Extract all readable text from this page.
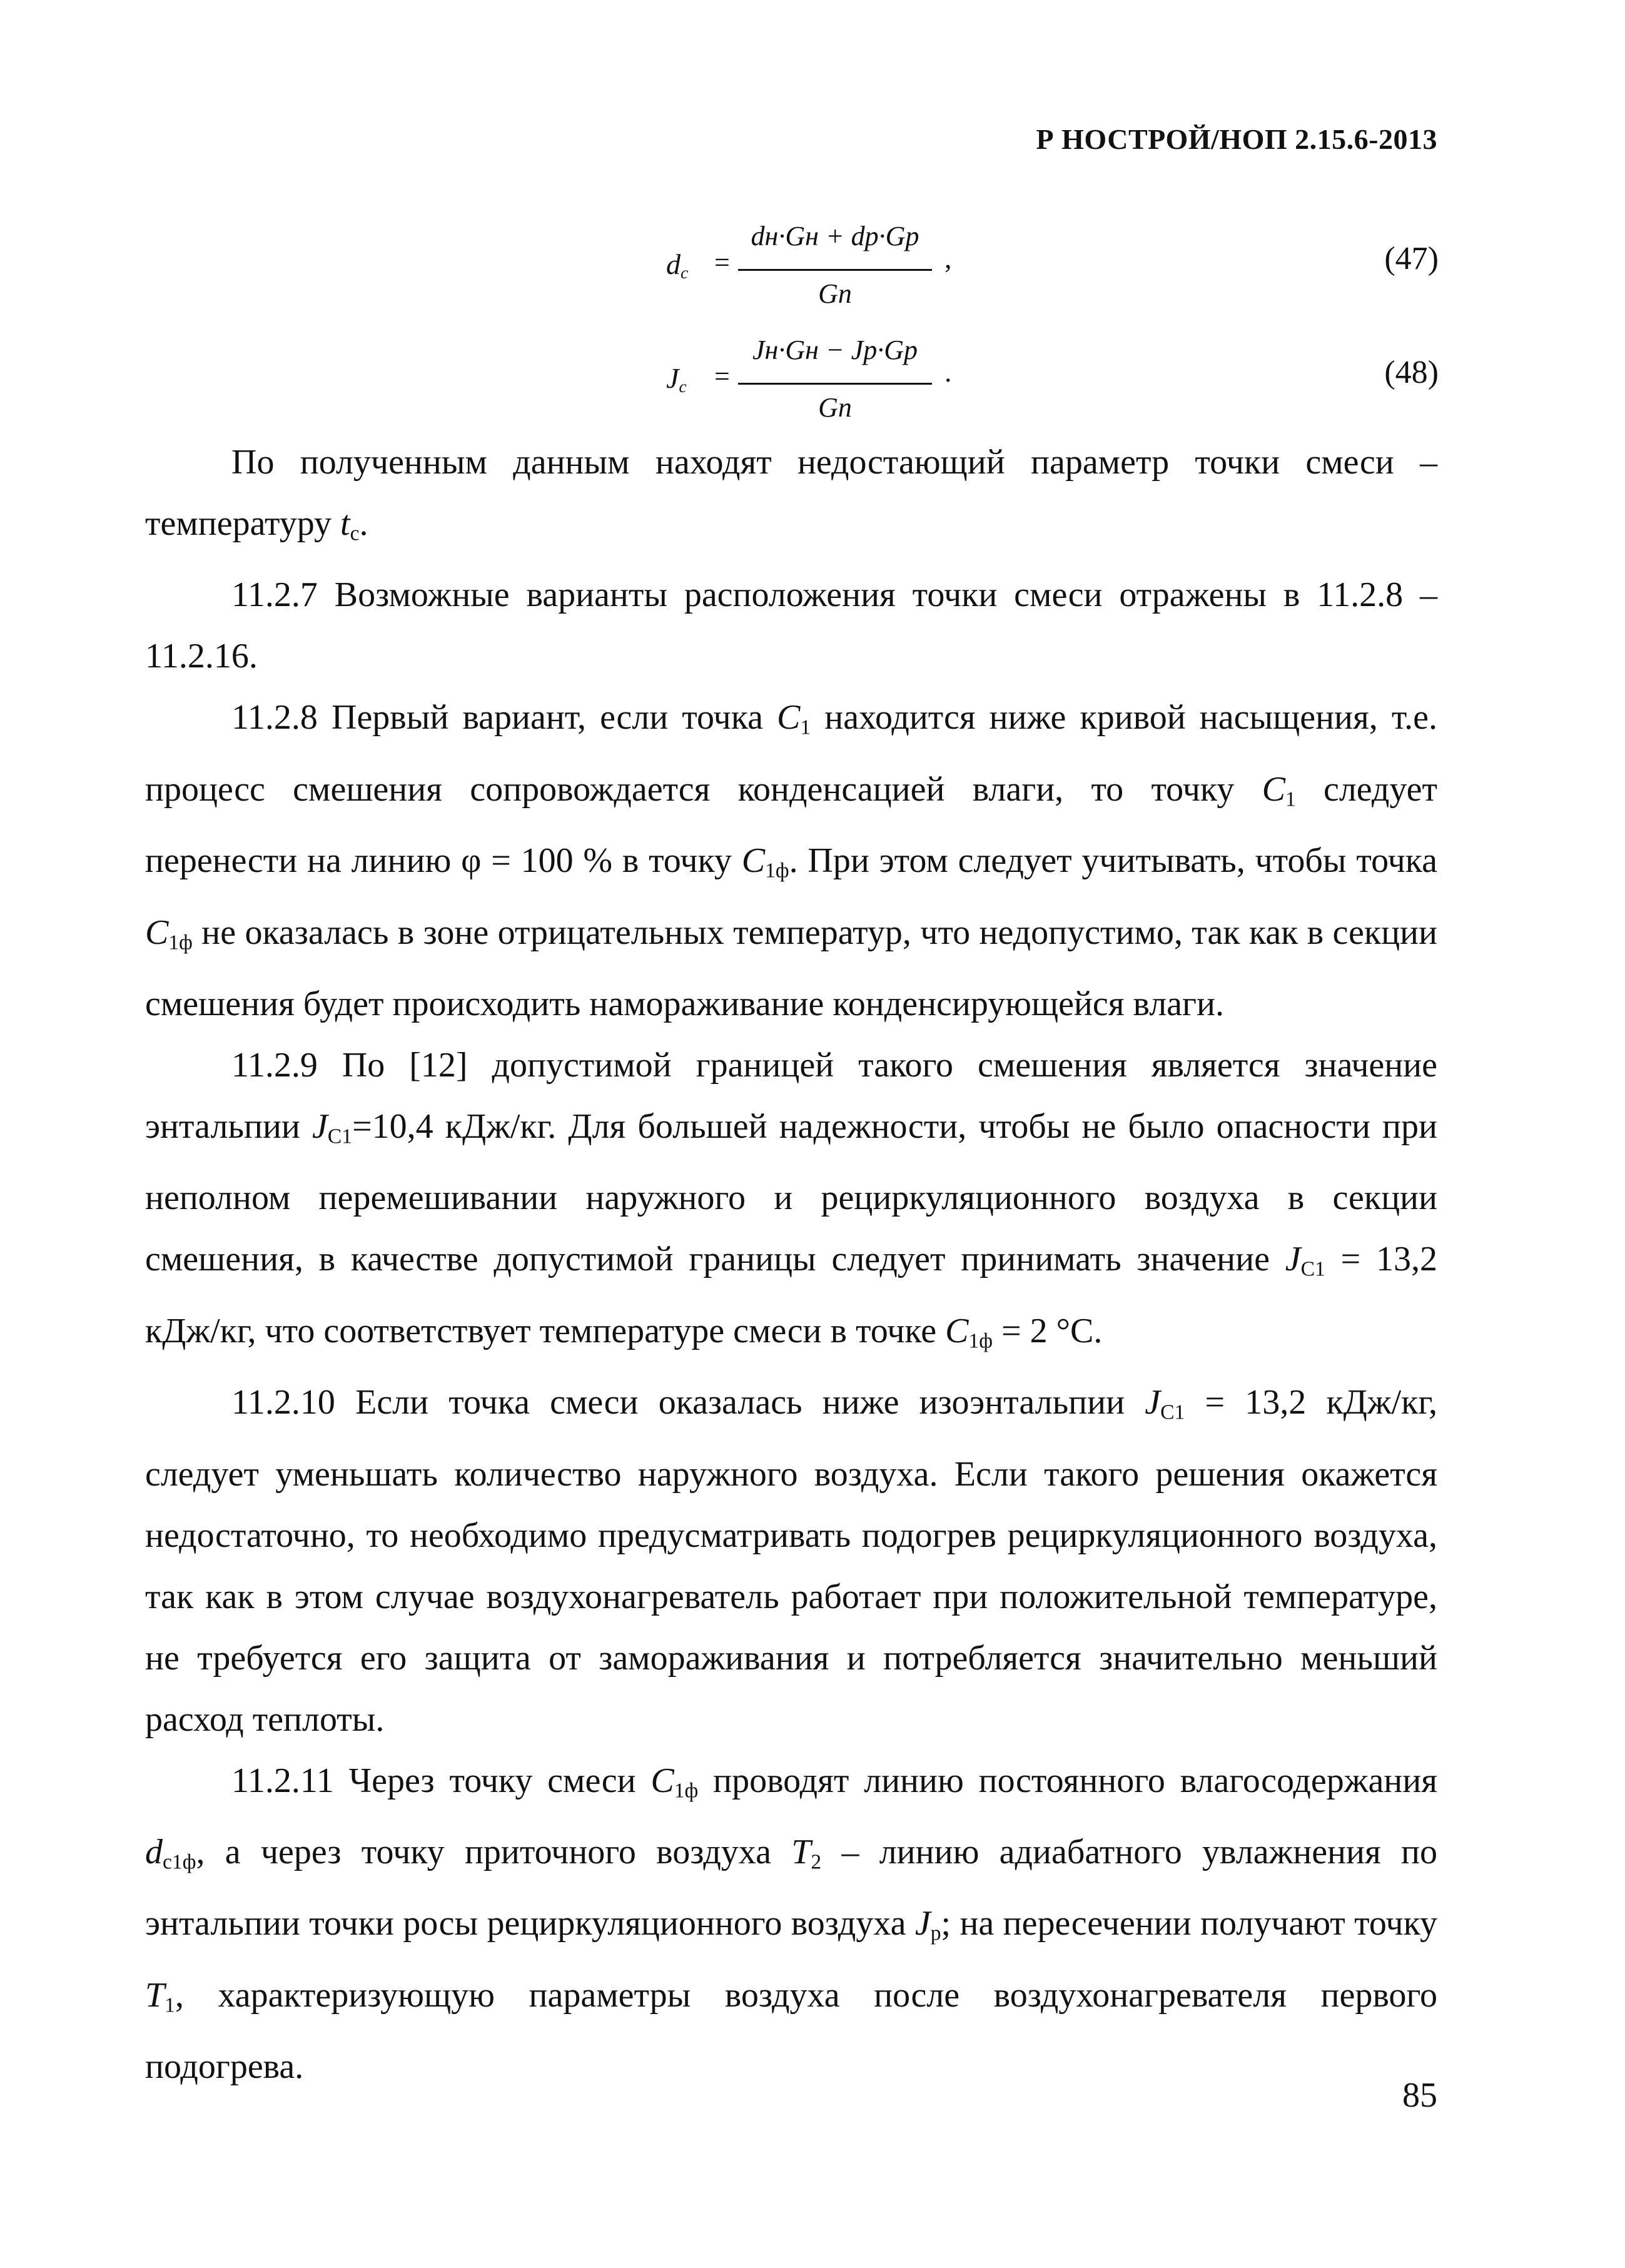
Р НОСТРОЙ/НОП 2.15.6-2013
$d_c$ =
dн·Gн + dр·Gр
Gп
,	(47)
$J_c$ =
Jн·Gн − Jр·Gр
Gп
.	(48)

По полученным данным находят недостающий параметр точки смеси – температуру $t_с$.

11.2.7 Возможные варианты расположения точки смеси отражены в 11.2.8 – 11.2.16.

11.2.8 Первый вариант, если точка $C_1$ находится ниже кривой насыщения, т.е. процесс смешения сопровождается конденсацией влаги, то точку $C_1$ следует перенести на линию φ = 100 % в точку $C_{1ф}$. При этом следует учитывать, чтобы точка $C_{1ф}$ не оказалась в зоне отрицательных температур, что недопустимо, так как в секции смешения будет происходить намораживание конденсирующейся влаги.

11.2.9 По [12] допустимой границей такого смешения является значение энтальпии $J_{С1}=10,4$ кДж/кг. Для большей надежности, чтобы не было опасности при неполном перемешивании наружного и рециркуляционного воздуха в секции смешения, в качестве допустимой границы следует принимать значение $J_{С1} = 13,2$ кДж/кг, что соответствует температуре смеси в точке $C_{1ф} = 2$ °С.

11.2.10 Если точка смеси оказалась ниже изоэнтальпии $J_{С1} = 13,2$ кДж/кг, следует уменьшать количество наружного воздуха. Если такого решения окажется недостаточно, то необходимо предусматривать подогрев рециркуляционного воздуха, так как в этом случае воздухонагреватель работает при положительной температуре, не требуется его защита от замораживания и потребляется значительно меньший расход теплоты.

11.2.11 Через точку смеси $C_{1ф}$ проводят линию постоянного влагосодержания $d_{с1ф}$, а через точку приточного воздуха $T_2$ – линию адиабатного увлажнения по энтальпии точки росы рециркуляционного воздуха $J_р$; на пересечении получают точку $T_1$, характеризующую параметры воздуха после воздухонагревателя первого подогрева.

85
